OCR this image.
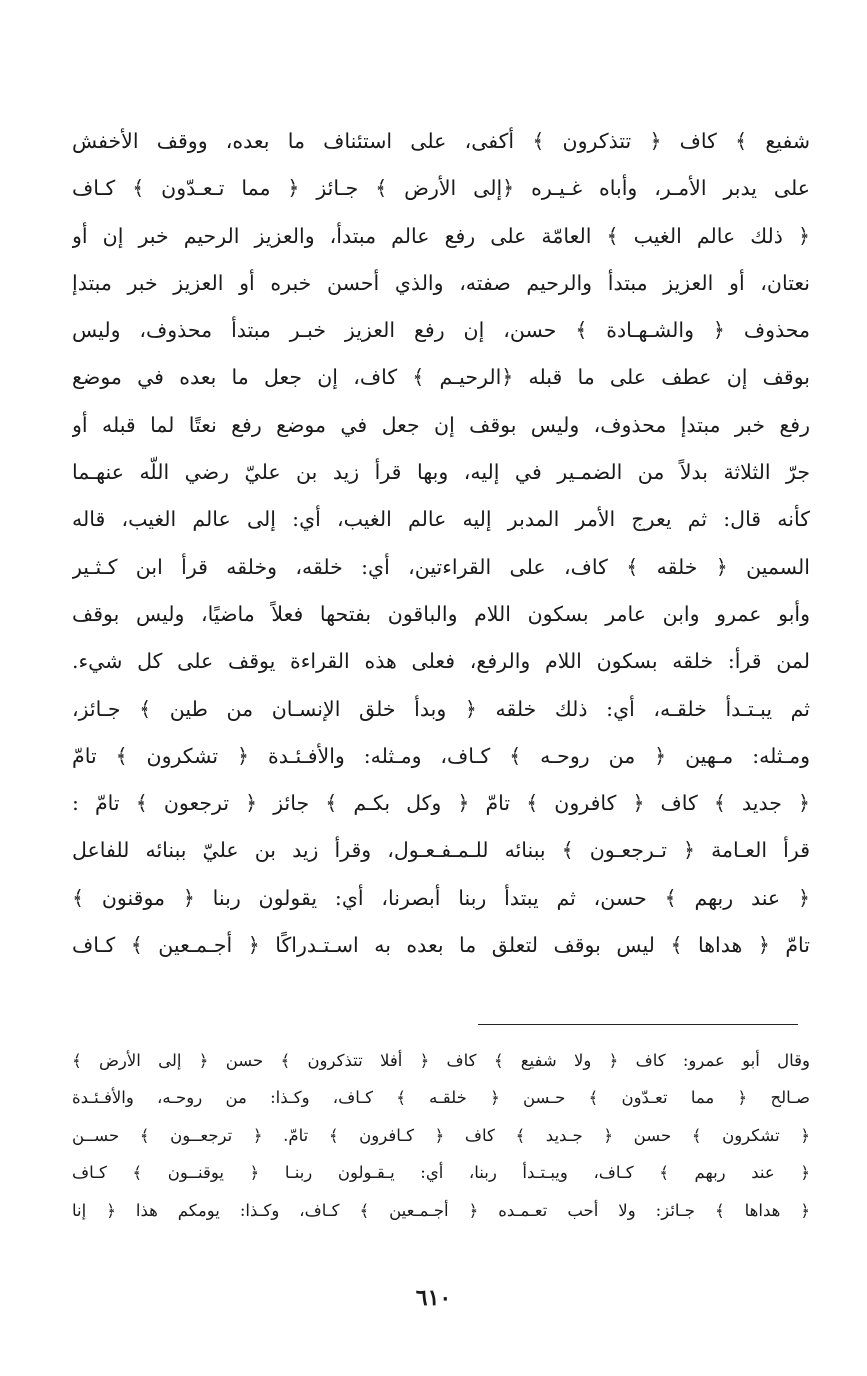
شفيع ﴾ كاف ﴿ تتذكرون ﴾ أكفى، على استئناف ما بعده، ووقف الأخفش
على يدبر الأمـر، وأباه غـيـره ﴿إلى الأرض ﴾ جـائز ﴿ مما تـعـدّون ﴾ كـاف
﴿ ذلك عالم الغيب ﴾ العامّة على رفع عالم مبتدأ، والعزيز الرحيم خبر إن أو
نعتان، أو العزيز مبتدأ والرحيم صفته، والذي أحسن خبره أو العزيز خبر مبتدإ
محذوف ﴿ والشـهـادة ﴾ حسن، إن رفع العزيز خبـر مبتدأ محذوف، وليس
بوقف إن عطف على ما قبله ﴿الرحيـم ﴾ كاف، إن جعل ما بعده في موضع
رفع خبر مبتدإ محذوف، وليس بوقف إن جعل في موضع رفع نعتًا لما قبله أو
جرّ الثلاثة بدلاً من الضمـير في إليه، وبها قرأ زيد بن عليّ رضي اللّه عنهـما
كأنه قال: ثم يعرج الأمر المدبر إليه عالم الغيب، أي: إلى عالم الغيب، قاله
السمين ﴿ خلقه ﴾ كاف، على القراءتين، أي: خلقه، وخلقه قرأ ابن كـثـير
وأبو عمرو وابن عامر بسكون اللام والباقون بفتحها فعلاً ماضيًا، وليس بوقف
لمن قرأ: خلقه بسكون اللام والرفع، فعلى هذه القراءة يوقف على كل شيء.
ثم يبـتـدأ خلقـه، أي: ذلك خلقه ﴿ وبدأ خلق الإنسـان من طين ﴾ جـائز،
ومـثله: مـهين ﴿ من روحـه ﴾ كـاف، ومـثله: والأفـئـدة ﴿ تشكرون ﴾ تامّ
﴿ جديد ﴾ كاف ﴿ كافرون ﴾ تامّ ﴿ وكل بكـم ﴾ جائز ﴿ ترجعون ﴾ تامّ :
قرأ العـامة ﴿ تـرجعـون ﴾ ببنائه للـمـفـعـول، وقرأ زيد بن عليّ ببنائه للفاعل
﴿ عند ربهم ﴾ حسن، ثم يبتدأ ربنا أبصرنا، أي: يقولون ربنا ﴿ موقنون ﴾
تامّ ﴿ هداها ﴾ ليس بوقف لتعلق ما بعده به اسـتـدراكًا ﴿ أجـمـعين ﴾ كـاف
وقال أبو عمرو: كاف ﴿ ولا شفيع ﴾ كاف ﴿ أفلا تتذكرون ﴾ حسن ﴿ إلى الأرض ﴾
صـالح ﴿ مما تعـدّون ﴾ حـسن ﴿ خلقـه ﴾ كـاف، وكـذا: من روحـه، والأفـئـدة
﴿ تشكرون ﴾ حسن ﴿ جـديد ﴾ كاف ﴿ كـافرون ﴾ تامّ. ﴿ ترجعــون ﴾ حســن
﴿ عند ربهم ﴾ كـاف، ويبـتـدأ ربنا، أي: يـقـولون ربنـا ﴿ يوقنــون ﴾ كـاف
﴿ هداها ﴾ جـائز: ولا أحب تعـمـده ﴿ أجـمـعين ﴾ كـاف، وكـذا: يومكم هذا ﴿ إنا
٦١٠
